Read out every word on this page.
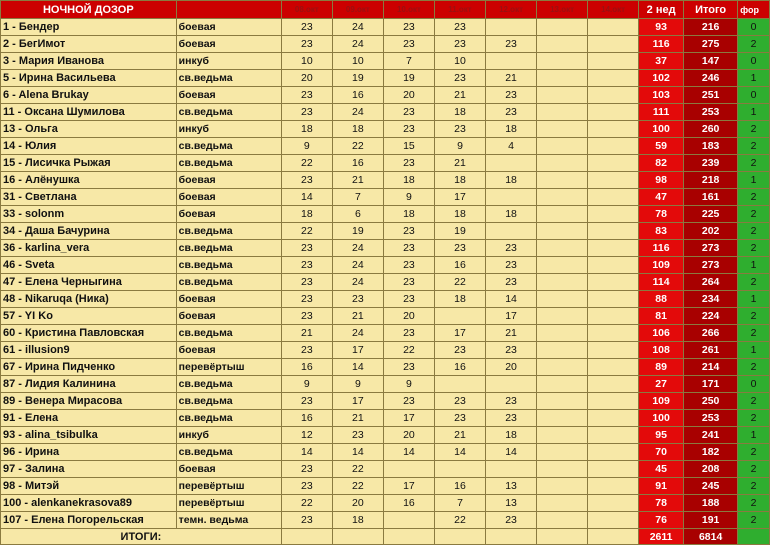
НОЧНОЙ ДОЗОР		08.окт	09.окт	10.окт	11.окт	12.окт	13.окт	14.окт	2 нед	Итого	фор
1 - Бендер	боевая	23	24	23	23				93	216	0
2 - БегИмот	боевая	23	24	23	23	23			116	275	2
3 - Мария Иванова	инкуб	10	10	7	10				37	147	0
5 - Ирина Васильева	св.ведьма	20	19	19	23	21			102	246	1
6 - Alena Brukay	боевая	23	16	20	21	23			103	251	0
11 - Оксана Шумилова	св.ведьма	23	24	23	18	23			111	253	1
13 - Ольга	инкуб	18	18	23	23	18			100	260	2
14 - Юлия	св.ведьма	9	22	15	9	4			59	183	2
15 - Лисичка Рыжая	св.ведьма	22	16	23	21				82	239	2
16 - Алёнушка	боевая	23	21	18	18	18			98	218	1
31 - Светлана	боевая	14	7	9	17				47	161	2
33 - solonm	боевая	18	6	18	18	18			78	225	2
34 - Даша Бачурина	св.ведьма	22	19	23	19				83	202	2
36 - karlina_vera	св.ведьма	23	24	23	23	23			116	273	2
46 - Sveta	св.ведьма	23	24	23	16	23			109	273	1
47 - Елена Черныгина	св.ведьма	23	24	23	22	23			114	264	2
48 - Nikaruqa (Ника)	боевая	23	23	23	18	14			88	234	1
57 - YI Ko	боевая	23	21	20		17			81	224	2
60 - Кристина Павловская	св.ведьма	21	24	23	17	21			106	266	2
61 - illusion9	боевая	23	17	22	23	23			108	261	1
67 - Ирина Пидченко	перевёртыш	16	14	23	16	20			89	214	2
87 - Лидия Калинина	св.ведьма	9	9	9					27	171	0
89 - Венера Мирасова	св.ведьма	23	17	23	23	23			109	250	2
91 - Елена	св.ведьма	16	21	17	23	23			100	253	2
93 - alina_tsibulka	инкуб	12	23	20	21	18			95	241	1
96 - Ирина	св.ведьма	14	14	14	14	14			70	182	2
97 - Залина	боевая	23	22						45	208	2
98 - Митэй	перевёртыш	23	22	17	16	13			91	245	2
100 - alenkanekrasova89	перевёртыш	22	20	16	7	13			78	188	2
107 - Елена Погорельская	темн. ведьма	23	18		22	23			76	191	2
ИТОГИ:									2611	6814	
